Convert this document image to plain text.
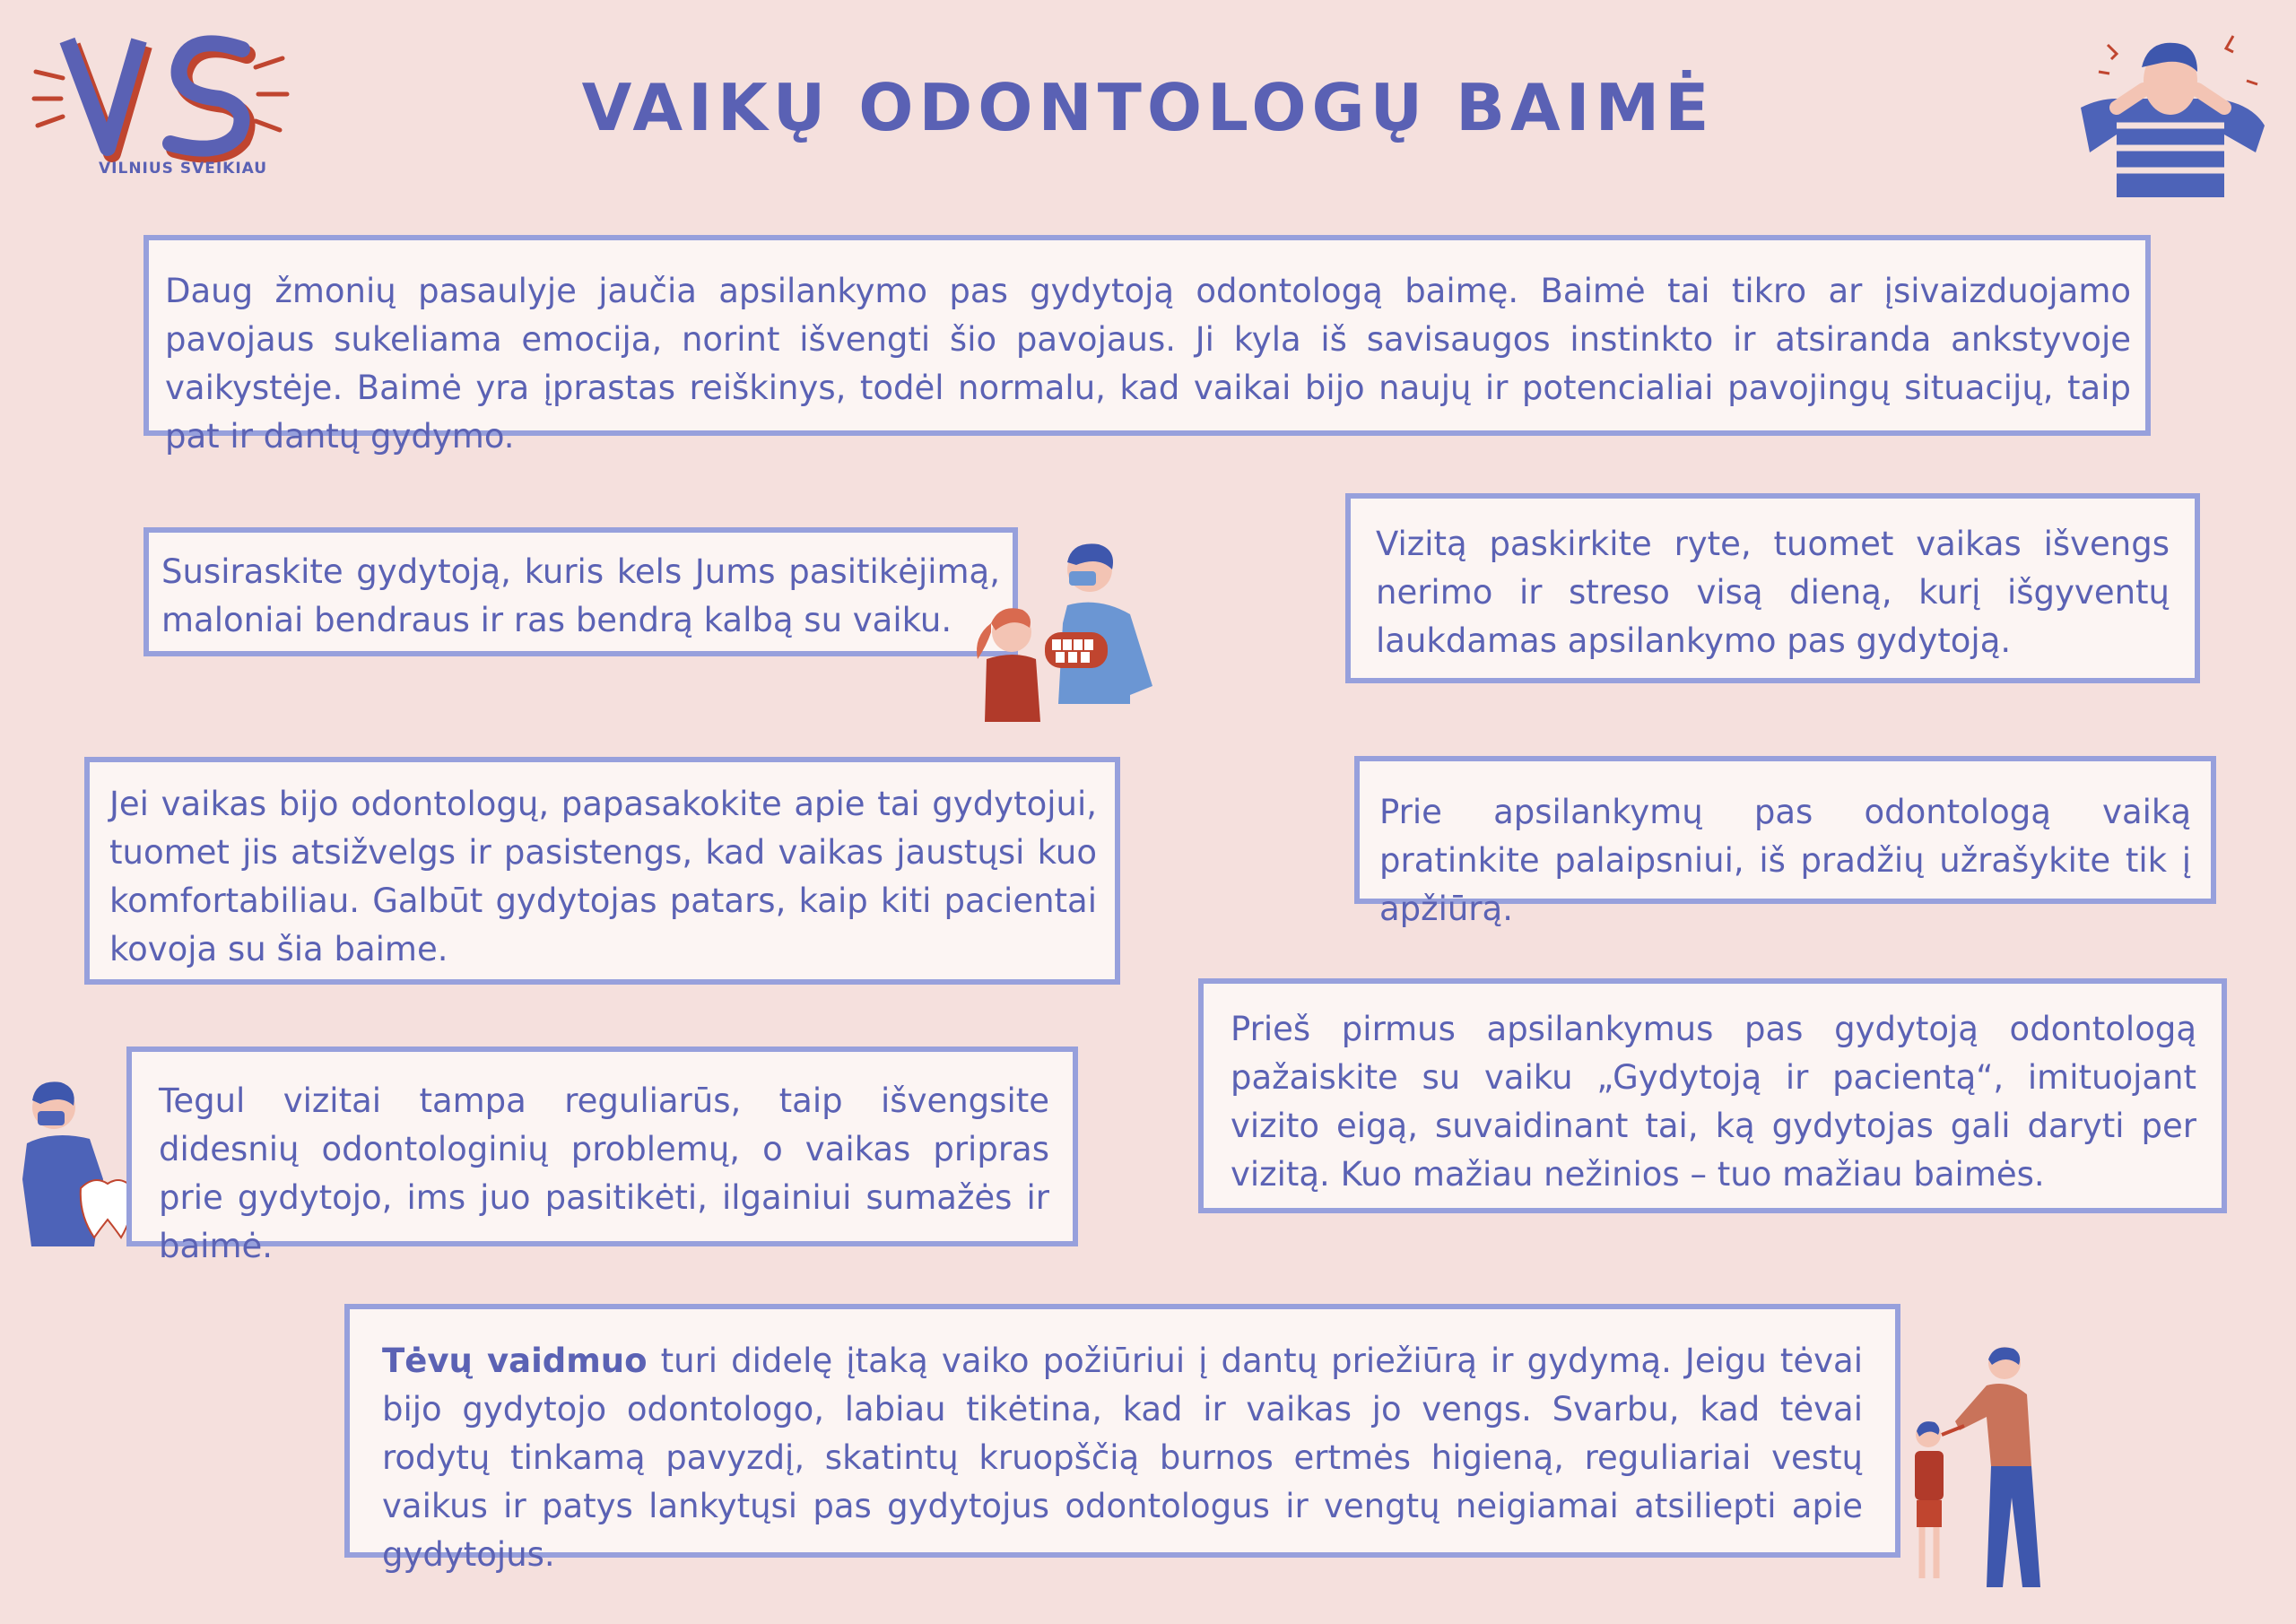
VILNIUS SVEIKIAU
VAIKŲ ODONTOLOGŲ BAIMĖ

Daug žmonių pasaulyje jaučia apsilankymo pas gydytoją odontologą baimę. Baimė tai tikro ar įsivaizduojamo pavojaus sukeliama emocija, norint išvengti šio pavojaus. Ji kyla iš savisaugos instinkto ir atsiranda ankstyvoje vaikystėje. Baimė yra įprastas reiškinys, todėl normalu, kad vaikai bijo naujų ir potencialiai pavojingų situacijų, taip pat ir dantų gydymo.

Susiraskite gydytoją, kuris kels Jums pasitikėjimą, maloniai bendraus ir ras bendrą kalbą su vaiku.

Vizitą paskirkite ryte, tuomet vaikas išvengs nerimo ir streso visą dieną, kurį išgyventų laukdamas apsilankymo pas gydytoją.

Jei vaikas bijo odontologų, papasakokite apie tai gydytojui, tuomet jis atsižvelgs ir pasistengs, kad vaikas jaustųsi kuo komfortabiliau. Galbūt gydytojas patars, kaip kiti pacientai kovoja su šia baime.

Prie apsilankymų pas odontologą vaiką pratinkite palaipsniui, iš pradžių užrašykite tik į apžiūrą.

Prieš pirmus apsilankymus pas gydytoją odontologą pažaiskite su vaiku „Gydytoją ir pacientą“, imituojant vizito eigą, suvaidinant tai, ką gydytojas gali daryti per vizitą. Kuo mažiau nežinios – tuo mažiau baimės.

Tegul vizitai tampa reguliarūs, taip išvengsite didesnių odontologinių problemų, o vaikas pripras prie gydytojo, ims juo pasitikėti, ilgainiui sumažės ir baimė.

Tėvų vaidmuo turi didelę įtaką vaiko požiūriui į dantų priežiūrą ir gydymą. Jeigu tėvai bijo gydytojo odontologo, labiau tikėtina, kad ir vaikas jo vengs. Svarbu, kad tėvai rodytų tinkamą pavyzdį, skatintų kruopščią burnos ertmės higieną, reguliariai vestų vaikus ir patys lankytųsi pas gydytojus odontologus ir vengtų neigiamai atsiliepti apie gydytojus.
